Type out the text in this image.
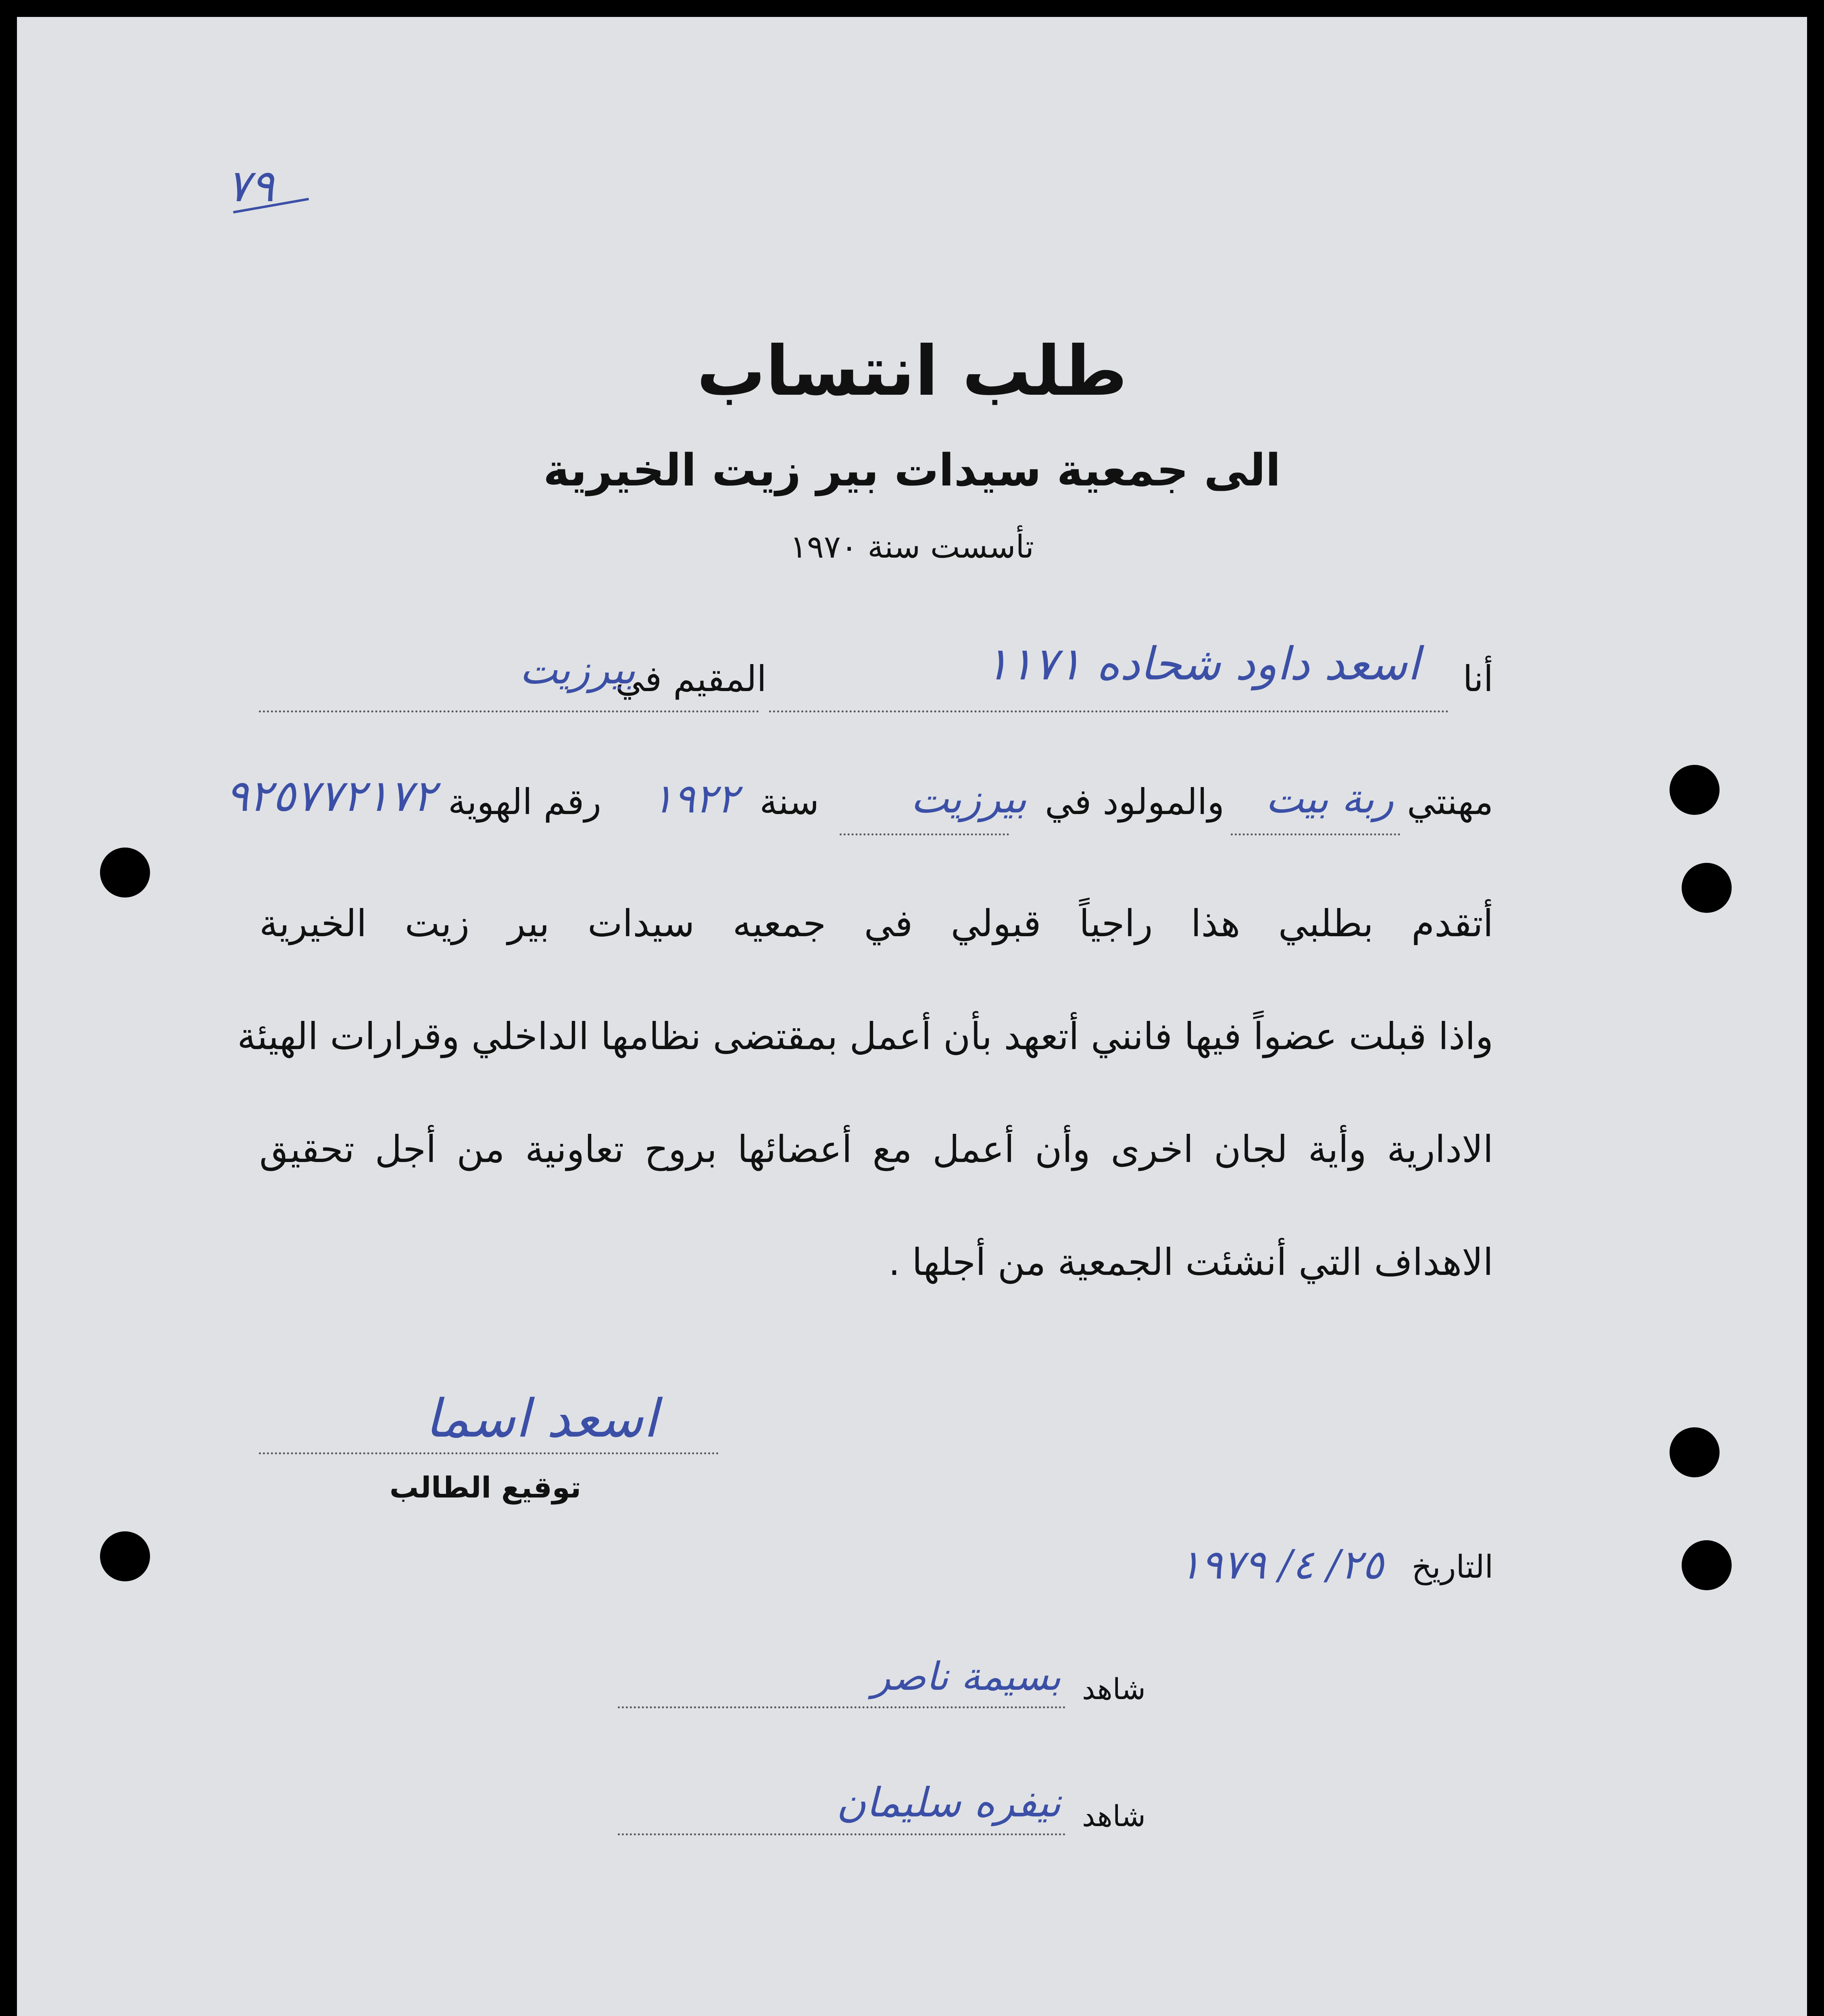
٧٩
طلب انتساب
الى جمعية سيدات بير زيت الخيرية
تأسست سنة ١٩٧٠
أنا
اسعد داود شحاده ١١٧١
المقيم في
بيرزيت
مهنتي
ربة بيت
والمولود في
بيرزيت
سنة
١٩٢٢
رقم الهوية
٩٢٥٧٧٢١٧٢
أتقدم بطلبي هذا راجياً قبولي في جمعيه سيدات بير زيت الخيرية
واذا قبلت عضواً فيها فانني أتعهد بأن أعمل بمقتضى نظامها الداخلي وقرارات الهيئة
الادارية وأية لجان اخرى وأن أعمل مع أعضائها بروح تعاونية من أجل تحقيق
الاهداف التي أنشئت الجمعية من أجلها .
اسعد اسما
توقيع الطالب
التاريخ
٢٥/ ٤/ ١٩٧٩
شاهد
بسيمة ناصر
شاهد
نيفره سليمان
